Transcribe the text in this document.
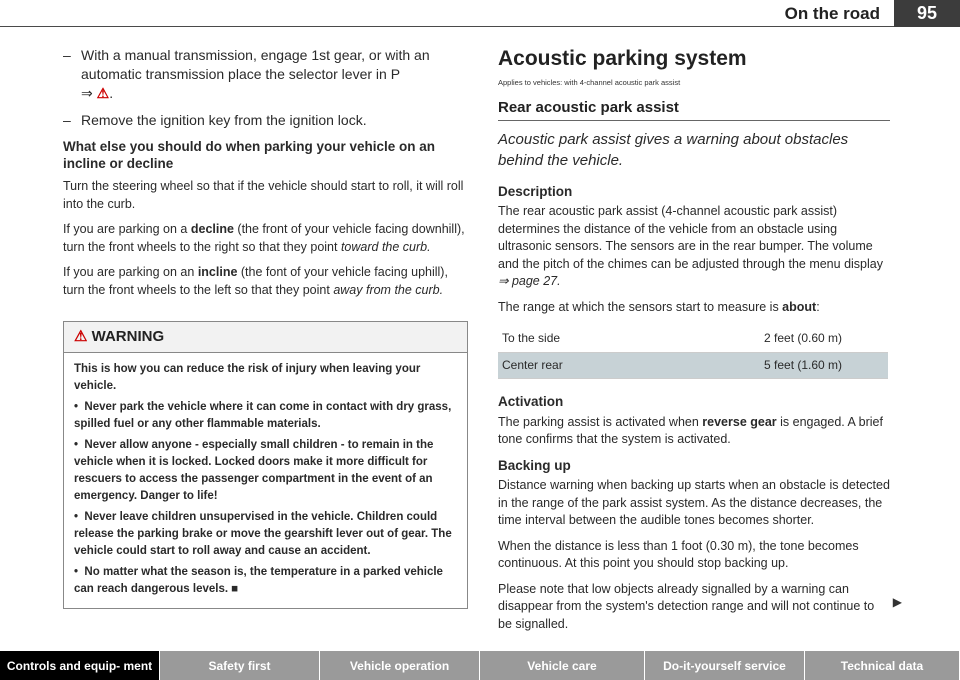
On the road	95
– With a manual transmission, engage 1st gear, or with an automatic transmission place the selector lever in P
⇒ ⚠.
– Remove the ignition key from the ignition lock.
What else you should do when parking your vehicle on an incline or decline

Turn the steering wheel so that if the vehicle should start to roll, it will roll into the curb.

If you are parking on a decline (the front of your vehicle facing downhill), turn the front wheels to the right so that they point toward the curb.

If you are parking on an incline (the font of your vehicle facing uphill), turn the front wheels to the left so that they point away from the curb.

⚠ WARNING

This is how you can reduce the risk of injury when leaving your vehicle.

•  Never park the vehicle where it can come in contact with dry grass, spilled fuel or any other flammable materials.

•  Never allow anyone - especially small children - to remain in the vehicle when it is locked. Locked doors make it more difficult for rescuers to access the passenger compartment in the event of an emergency. Danger to life!

•  Never leave children unsupervised in the vehicle. Children could release the parking brake or move the gearshift lever out of gear. The vehicle could start to roll away and cause an accident.

•  No matter what the season is, the temperature in a parked vehicle can reach dangerous levels. ■

Acoustic parking system
Applies to vehicles: with 4-channel acoustic park assist
Rear acoustic park assist
Acoustic park assist gives a warning about obstacles behind the vehicle.
Description

The rear acoustic park assist (4-channel acoustic park assist) determines the distance of the vehicle from an obstacle using ultrasonic sensors. The sensors are in the rear bumper. The volume and the pitch of the chimes can be adjusted through the menu display
⇒ page 27.

The range at which the sensors start to measure is about:

To the side	2 feet (0.60 m)
Center rear	5 feet (1.60 m)
Activation

The parking assist is activated when reverse gear is engaged. A brief tone confirms that the system is activated.

Backing up

Distance warning when backing up starts when an obstacle is detected in the range of the park assist system. As the distance decreases, the time interval between the audible tones becomes shorter.

When the distance is less than 1 foot (0.30 m), the tone becomes continuous. At this point you should stop backing up.

Please note that low objects already signalled by a warning can disappear from the system's detection range and will not continue to be signalled.

▶
Controls and equip- ment	Safety first	Vehicle operation	Vehicle care	Do-it-yourself service	Technical data
